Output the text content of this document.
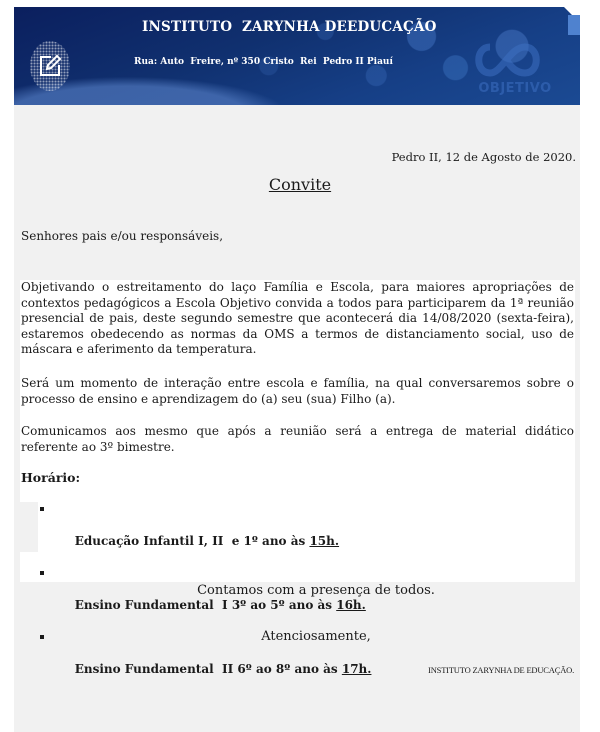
INSTITUTO  ZARYNHA DEEDUCAÇÃO
Rua: Auto  Freire, nº 350 Cristo  Rei  Pedro II Piauí
OBJETIVO
Pedro II, 12 de Agosto de 2020.
Convite
Senhores pais e/ou responsáveis,
Objetivando o estreitamento do laço Família e Escola, para maiores apropriações de contextos pedagógicos a Escola Objetivo convida a todos para participarem da 1ª reunião presencial de pais, deste segundo semestre que acontecerá dia 14/08/2020 (sexta-feira), estaremos obedecendo as normas da OMS a termos de distanciamento social, uso de máscara e aferimento da temperatura.
Será um momento de interação entre escola e família, na qual conversaremos sobre o processo de ensino e aprendizagem do (a) seu (sua) Filho (a).
Comunicamos aos mesmo que após a reunião será a entrega de material didático referente ao 3º bimestre.
Horário:

Educação Infantil I, II  e 1º ano às 15h.

Ensino Fundamental  I 3º ao 5º ano às 16h.

Ensino Fundamental  II 6º ao 8º ano às 17h.

Contamos com a presença de todos.
Atenciosamente,
INSTITUTO ZARYNHA DE EDUCAÇÃO.
